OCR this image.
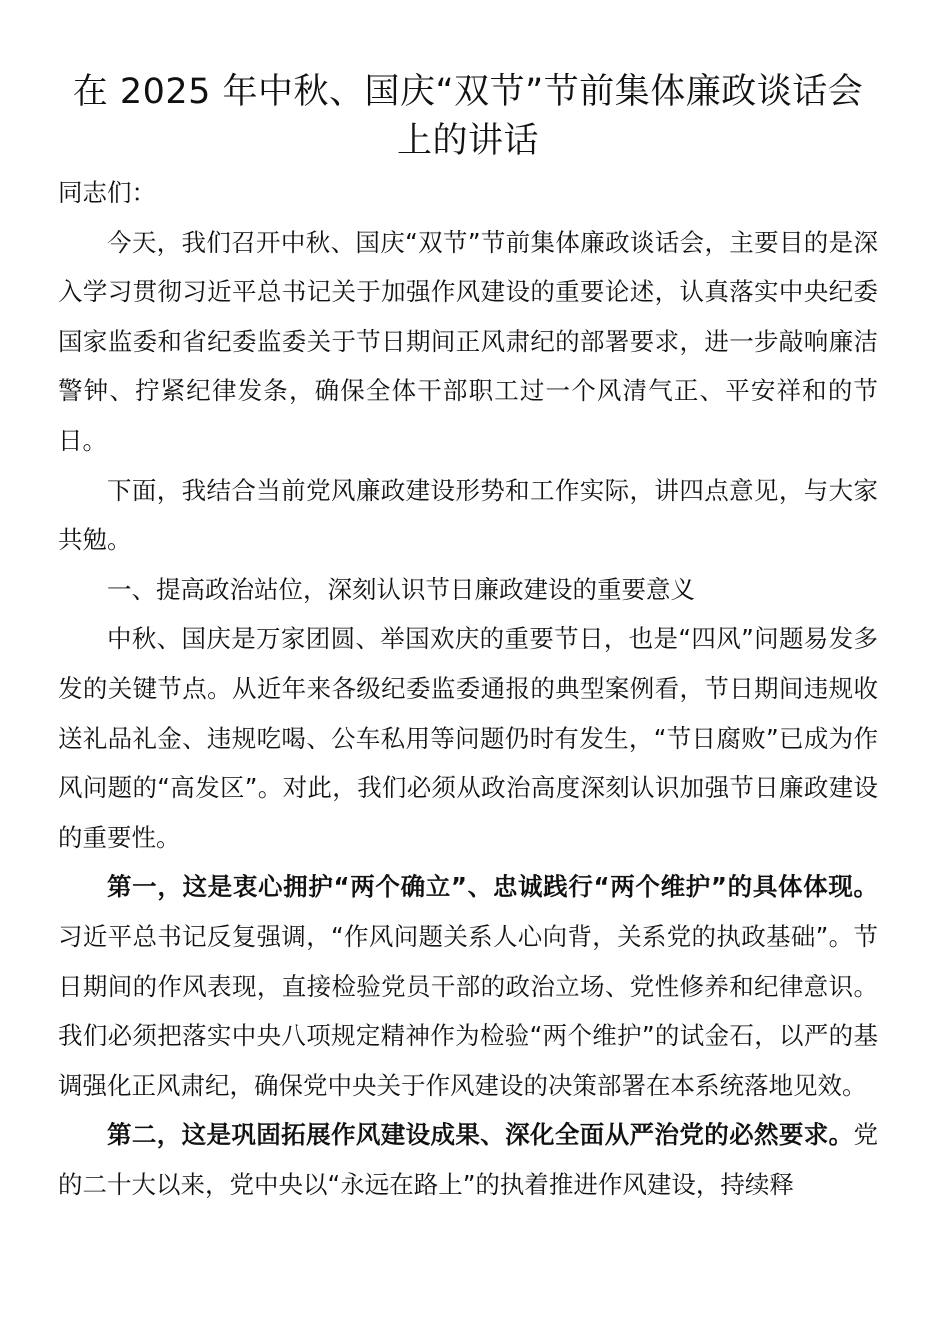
在 2025 年中秋、国庆“双节”节前集体廉政谈话会上的讲话

同志们：

今天，我们召开中秋、国庆“双节”节前集体廉政谈话会，主要目的是深入学习贯彻习近平总书记关于加强作风建设的重要论述，认真落实中央纪委国家监委和省纪委监委关于节日期间正风肃纪的部署要求，进一步敲响廉洁警钟、拧紧纪律发条，确保全体干部职工过一个风清气正、平安祥和的节日。

下面，我结合当前党风廉政建设形势和工作实际，讲四点意见，与大家共勉。

一、提高政治站位，深刻认识节日廉政建设的重要意义

中秋、国庆是万家团圆、举国欢庆的重要节日，也是“四风”问题易发多发的关键节点。从近年来各级纪委监委通报的典型案例看，节日期间违规收送礼品礼金、违规吃喝、公车私用等问题仍时有发生，“节日腐败”已成为作风问题的“高发区”。对此，我们必须从政治高度深刻认识加强节日廉政建设的重要性。

第一，这是衷心拥护“两个确立”、忠诚践行“两个维护”的具体体现。习近平总书记反复强调，“作风问题关系人心向背，关系党的执政基础”。节日期间的作风表现，直接检验党员干部的政治立场、党性修养和纪律意识。我们必须把落实中央八项规定精神作为检验“两个维护”的试金石，以严的基调强化正风肃纪，确保党中央关于作风建设的决策部署在本系统落地见效。

第二，这是巩固拓展作风建设成果、深化全面从严治党的必然要求。党的二十大以来，党中央以“永远在路上”的执着推进作风建设，持续释
